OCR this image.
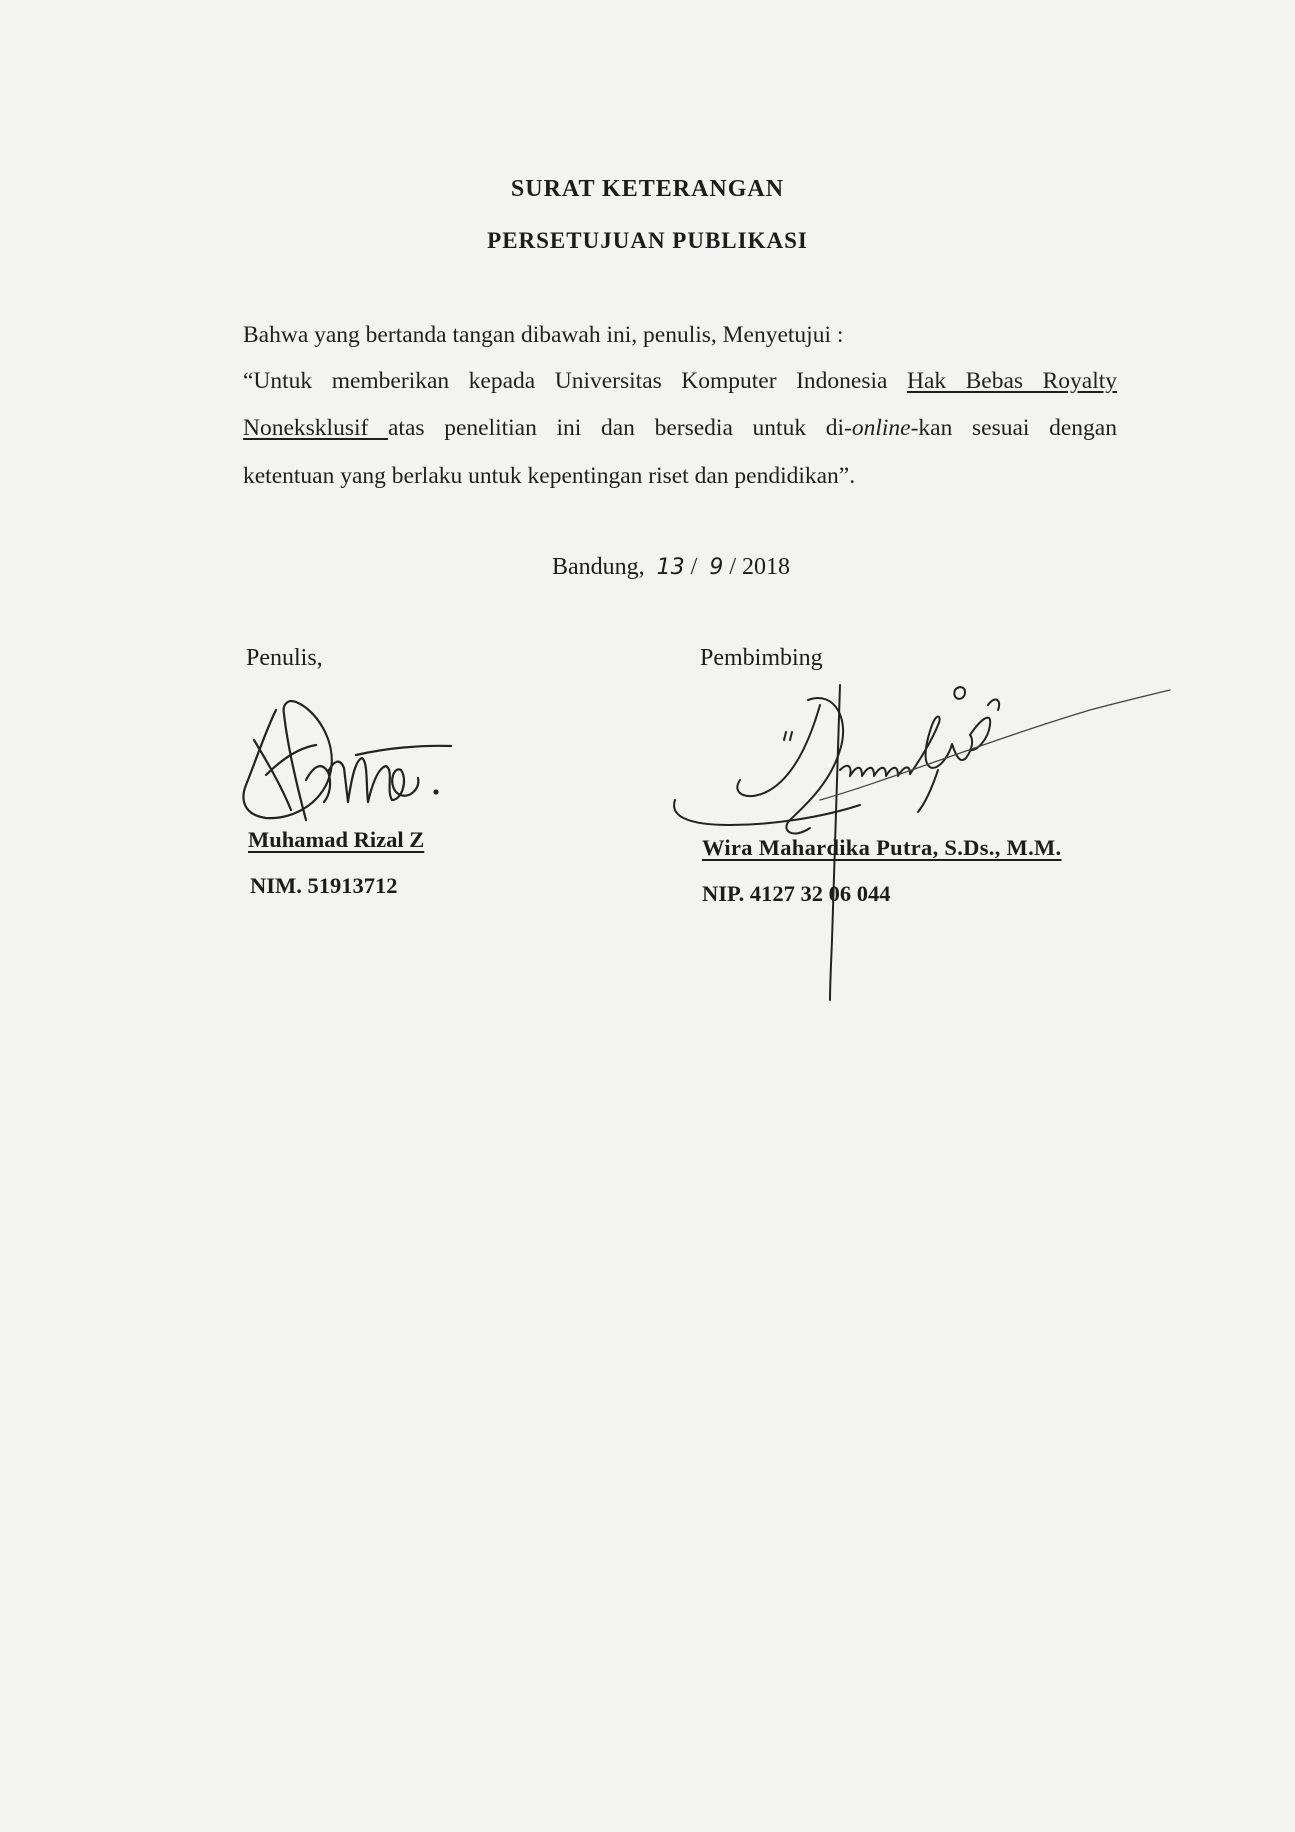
SURAT KETERANGAN
PERSETUJUAN PUBLIKASI
Bahwa yang bertanda tangan dibawah ini, penulis, Menyetujui :
“Untuk memberikan kepada Universitas Komputer Indonesia Hak Bebas Royalty
Noneksklusif atas penelitian ini dan bersedia untuk di-online-kan sesuai dengan
ketentuan yang berlaku untuk kepentingan riset dan pendidikan”.
Bandung, 13 / 9 / 2018
Penulis,	Pembimbing
Muhamad Rizal Z
NIM. 51913712
Wira Mahardika Putra, S.Ds., M.M.
NIP. 4127 32 06 044
